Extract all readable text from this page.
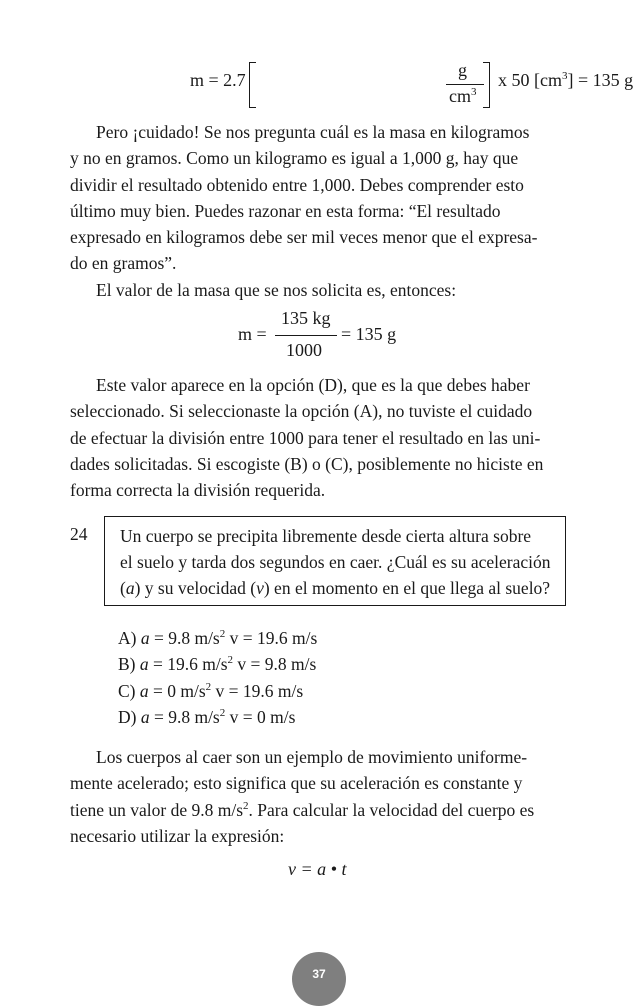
m = 2.7	g
$cm^3$
x 50 $[cm^3] = 135$ g
Pero ¡cuidado! Se nos pregunta cuál es la masa en kilogramos
y no en gramos. Como un kilogramo es igual a 1,000 g, hay que
dividir el resultado obtenido entre 1,000. Debes comprender esto
último muy bien. Puedes razonar en esta forma: “El resultado
expresado en kilogramos debe ser mil veces menor que el expresa-
do en gramos”.
El valor de la masa que se nos solicita es, entonces:
m =
135 kg
1000
= 135 g
Este valor aparece en la opción (D), que es la que debes haber
seleccionado. Si seleccionaste la opción (A), no tuviste el cuidado
de efectuar la división entre 1000 para tener el resultado en las uni-
dades solicitadas. Si escogiste (B) o (C), posiblemente no hiciste en
forma correcta la división requerida.
24 Un cuerpo se precipita libremente desde cierta altura sobre
el suelo y tarda dos segundos en caer. ¿Cuál es su aceleración
(a) y su velocidad (v) en el momento en el que llega al suelo?
A) a = 9.8 $m/s^2$ v = 19.6 m/s
B) a = 19.6 $m/s^2$ v = 9.8 m/s
C) a = 0 $m/s^2$ v = 19.6 m/s
D) a = 9.8 $m/s^2$ v = 0 m/s
Los cuerpos al caer son un ejemplo de movimiento uniforme-
mente acelerado; esto significa que su aceleración es constante y
tiene un valor de 9.8 $m/s^2$. Para calcular la velocidad del cuerpo es
necesario utilizar la expresión:
v = a • t
37
